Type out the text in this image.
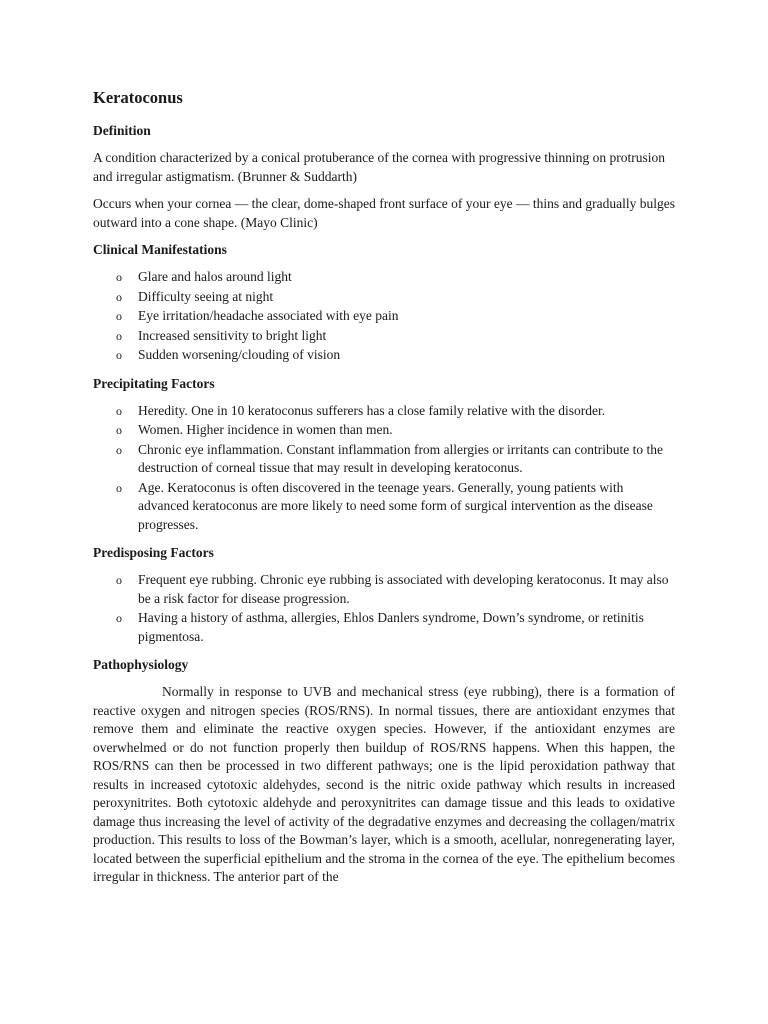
Keratoconus
Definition

A condition characterized by a conical protuberance of the cornea with progressive thinning on protrusion and irregular astigmatism. (Brunner & Suddarth)

Occurs when your cornea — the clear, dome-shaped front surface of your eye — thins and gradually bulges outward into a cone shape. (Mayo Clinic)

Clinical Manifestations
o Glare and halos around light
o Difficulty seeing at night
o Eye irritation/headache associated with eye pain
o Increased sensitivity to bright light
o Sudden worsening/clouding of vision
Precipitating Factors
o Heredity. One in 10 keratoconus sufferers has a close family relative with the disorder.
o Women. Higher incidence in women than men.
o Chronic eye inflammation. Constant inflammation from allergies or irritants can contribute to the destruction of corneal tissue that may result in developing keratoconus.
o Age. Keratoconus is often discovered in the teenage years. Generally, young patients with advanced keratoconus are more likely to need some form of surgical intervention as the disease progresses.
Predisposing Factors
o Frequent eye rubbing. Chronic eye rubbing is associated with developing keratoconus. It may also be a risk factor for disease progression.
o Having a history of asthma, allergies, Ehlos Danlers syndrome, Down’s syndrome, or retinitis pigmentosa.
Pathophysiology

Normally in response to UVB and mechanical stress (eye rubbing), there is a formation of reactive oxygen and nitrogen species (ROS/RNS). In normal tissues, there are antioxidant enzymes that remove them and eliminate the reactive oxygen species. However, if the antioxidant enzymes are overwhelmed or do not function properly then buildup of ROS/RNS happens. When this happen, the ROS/RNS can then be processed in two different pathways; one is the lipid peroxidation pathway that results in increased cytotoxic aldehydes, second is the nitric oxide pathway which results in increased peroxynitrites. Both cytotoxic aldehyde and peroxynitrites can damage tissue and this leads to oxidative damage thus increasing the level of activity of the degradative enzymes and decreasing the collagen/matrix production. This results to loss of the Bowman’s layer, which is a smooth, acellular, nonregenerating layer, located between the superficial epithelium and the stroma in the cornea of the eye. The epithelium becomes irregular in thickness. The anterior part of the
